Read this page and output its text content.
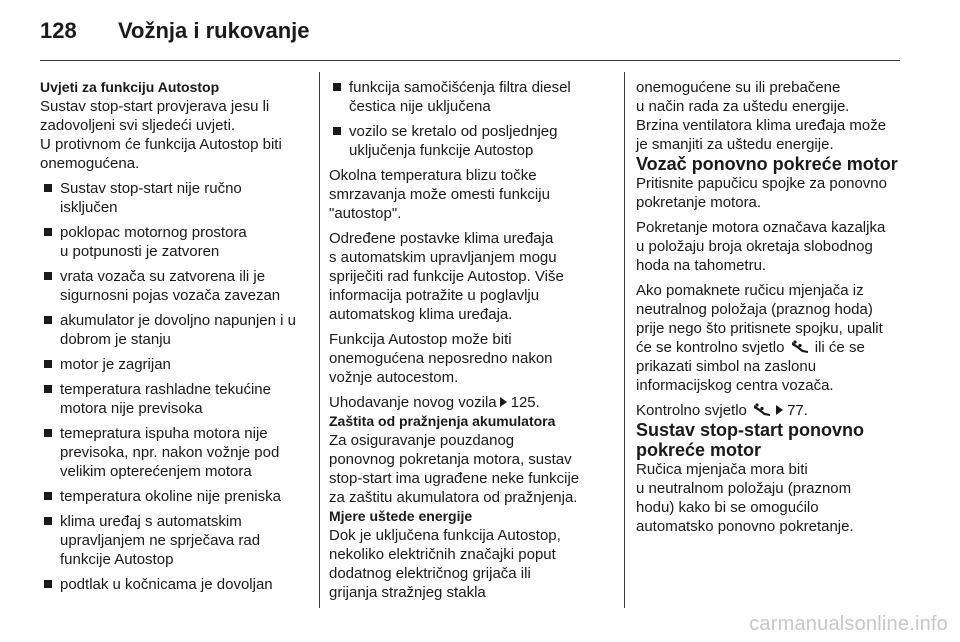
128 Vožnja i rukovanje

Uvjeti za funkciju Autostop

Sustav stop-start provjerava jesu li
zadovoljeni svi sljedeći uvjeti.
U protivnom će funkcija Autostop biti
onemogućena.

Sustav stop-start nije ručno
isključen
poklopac motornog prostora
u potpunosti je zatvoren
vrata vozača su zatvorena ili je
sigurnosni pojas vozača zavezan
akumulator je dovoljno napunjen i u
dobrom je stanju
motor je zagrijan
temperatura rashladne tekućine
motora nije previsoka
temepratura ispuha motora nije
previsoka, npr. nakon vožnje pod
velikim opterećenjem motora
temperatura okoline nije preniska
klima uređaj s automatskim
upravljanjem ne sprječava rad
funkcije Autostop
podtlak u kočnicama je dovoljan
funkcija samočišćenja filtra diesel
čestica nije uključena
vozilo se kretalo od posljednjeg
uključenja funkcije Autostop

Okolna temperatura blizu točke
smrzavanja može omesti funkciju
"autostop".

Određene postavke klima uređaja
s automatskim upravljanjem mogu
spriječiti rad funkcije Autostop. Više
informacija potražite u poglavlju
automatskog klima uređaja.

Funkcija Autostop može biti
onemogućena neposredno nakon
vožnje autocestom.

Uhodavanje novog vozila 125.

Zaštita od pražnjenja akumulatora

Za osiguravanje pouzdanog
ponovnog pokretanja motora, sustav
stop-start ima ugrađene neke funkcije
za zaštitu akumulatora od pražnjenja.

Mjere uštede energije

Dok je uključena funkcija Autostop,
nekoliko električnih značajki poput
dodatnog električnog grijača ili
grijanja stražnjeg stakla

onemogućene su ili prebačene
u način rada za uštedu energije.
Brzina ventilatora klima uređaja može
je smanjiti za uštedu energije.

Vozač ponovno pokreće motor

Pritisnite papučicu spojke za ponovno
pokretanje motora.

Pokretanje motora označava kazaljka
u položaju broja okretaja slobodnog
hoda na tahometru.

Ako pomaknete ručicu mjenjača iz
neutralnog položaja (praznog hoda)
prije nego što pritisnete spojku, upalit
će se kontrolno svjetlo ili će se
prikazati simbol na zaslonu
informacijskog centra vozača.

Kontrolno svjetlo	77.

Sustav stop-start ponovno
pokreće motor

Ručica mjenjača mora biti
u neutralnom položaju (praznom
hodu) kako bi se omogućilo
automatsko ponovno pokretanje.

carmanualsonline.info
